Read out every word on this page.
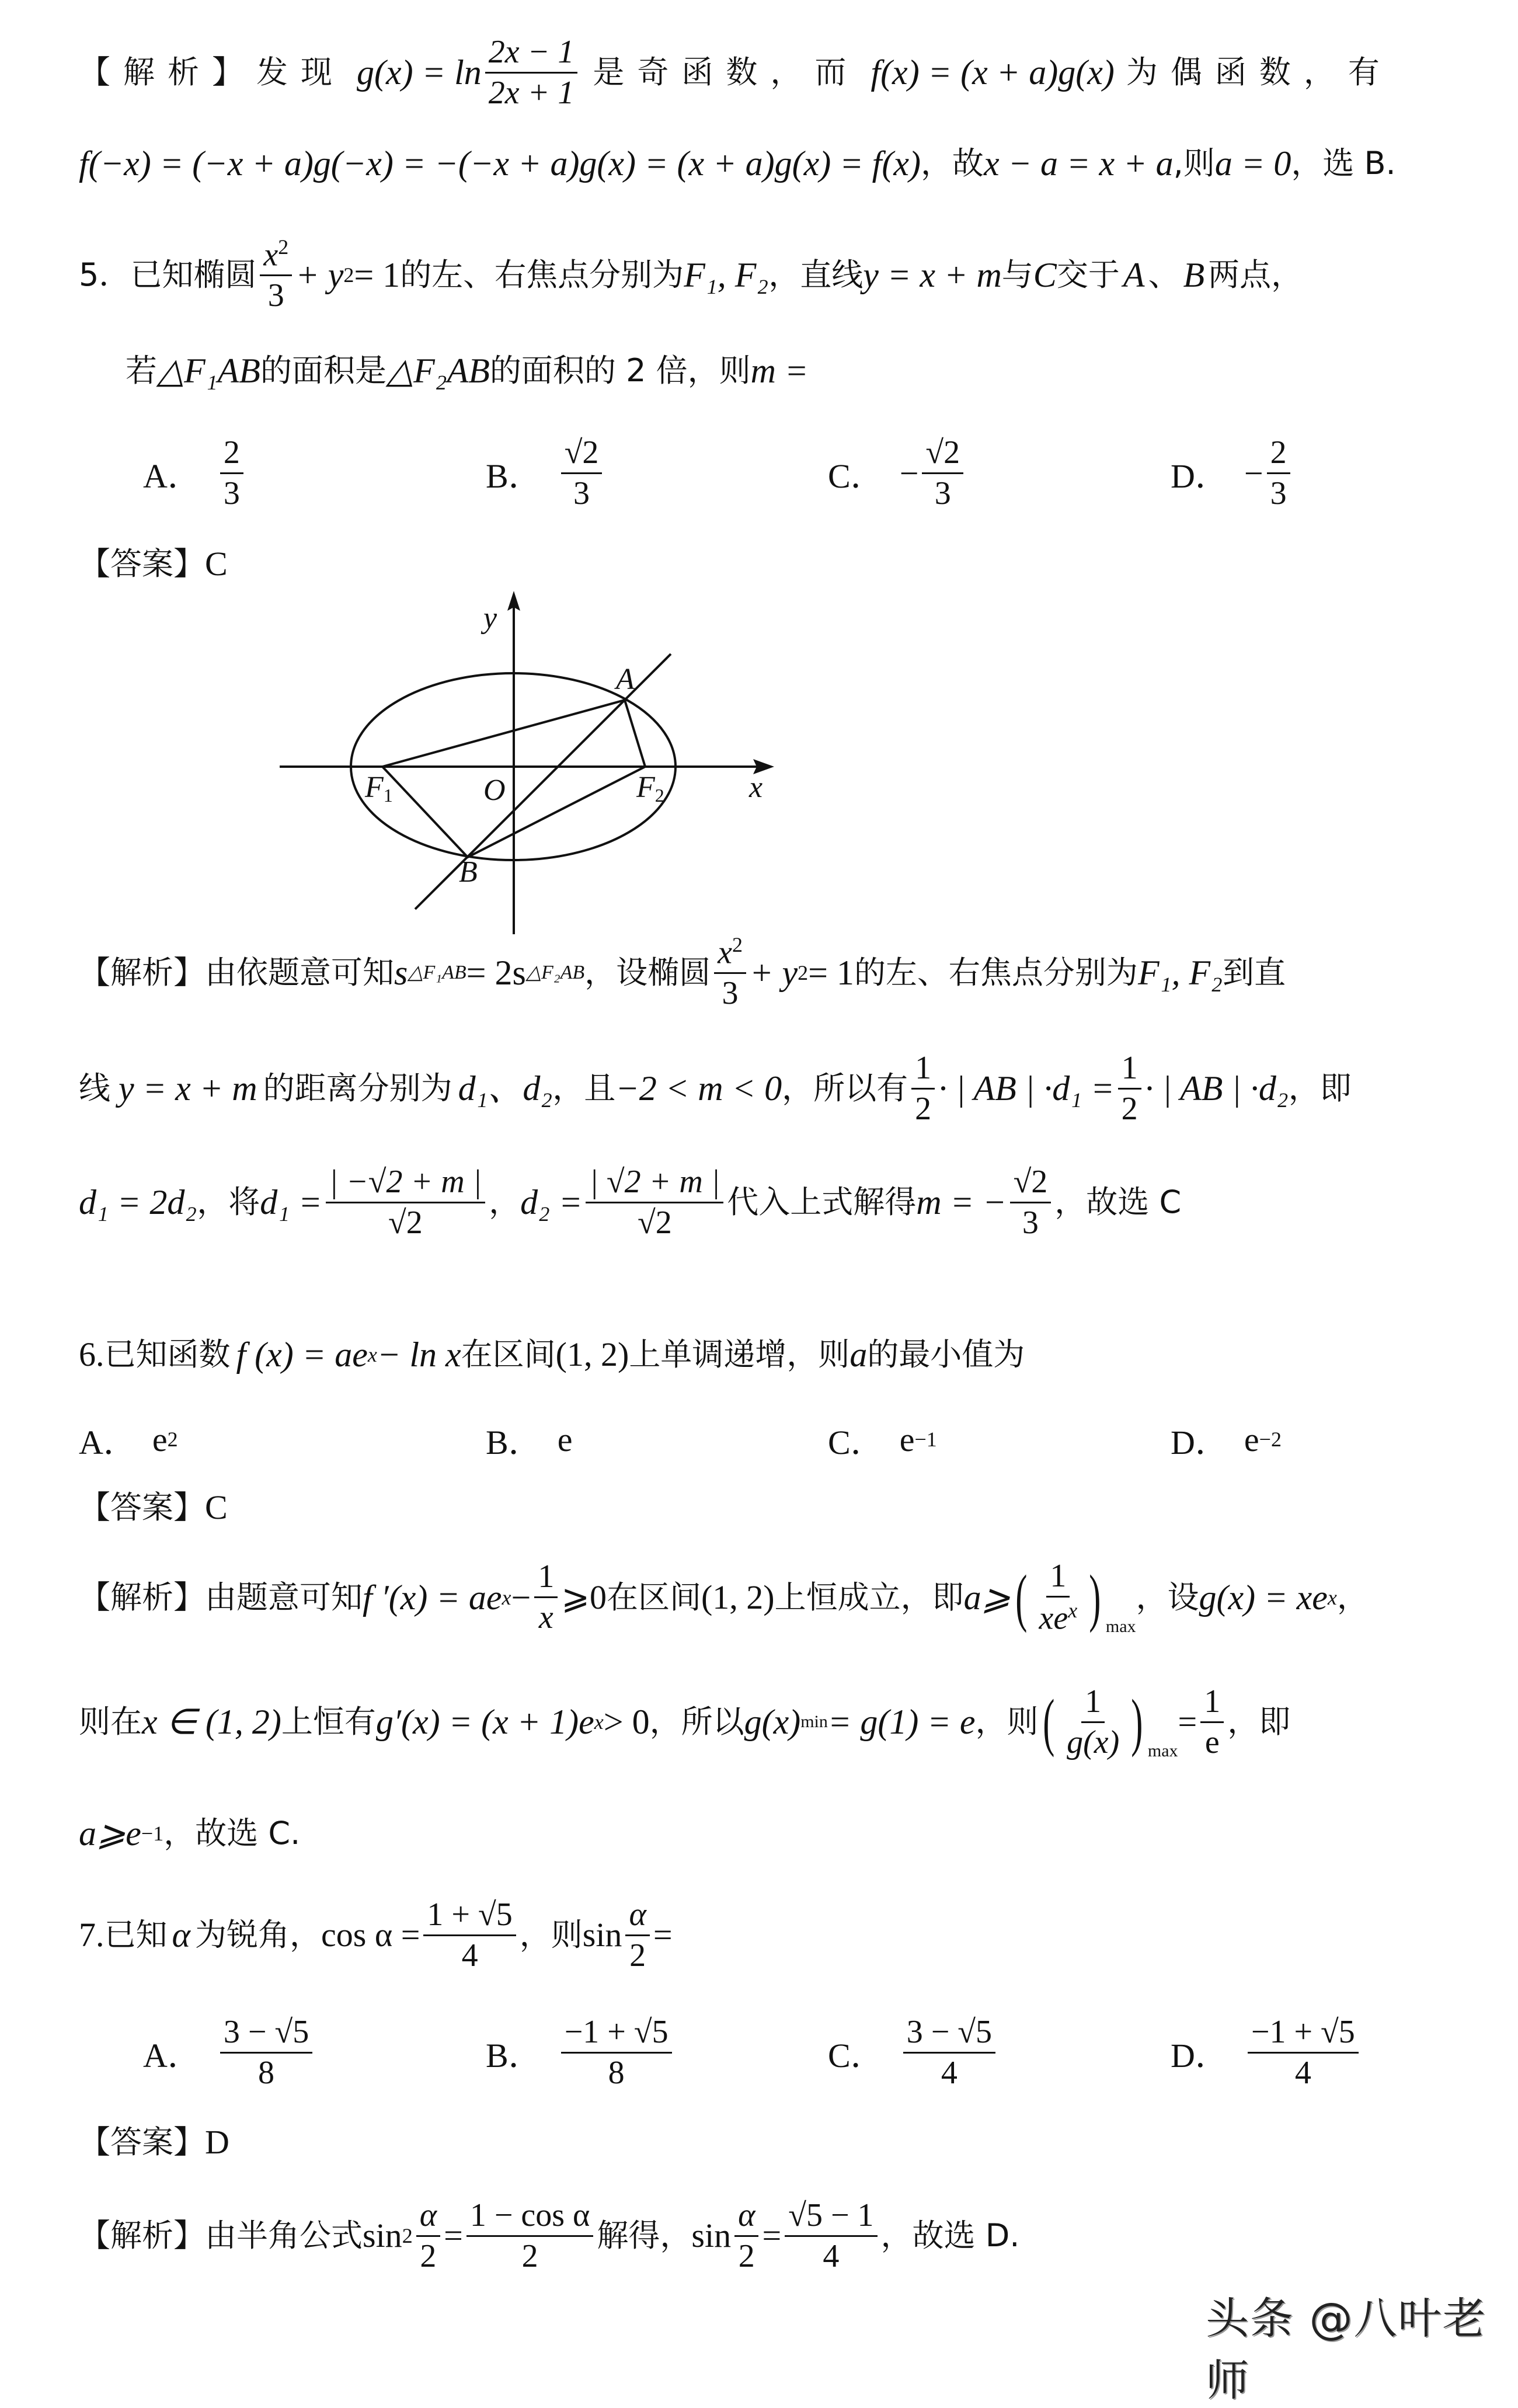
【解析】 发现 $g(x) = \ln \frac{2x - 1}{2x + 1}$ 是奇函数，而 f(x) = (x + a)g(x) 为偶函数，有
f(−x) = (−x + a)g(−x) = −(−x + a)g(x) = (x + a)g(x) = f(x) ，故 x − a = x + a ,则 a = 0 ，选 B.
5． 已知椭圆 $\frac{x^2}{3} + y$ 2 = 1 的左、右焦点分别为 F₁, F₂ ，直线 y = x + m 与 C 交于 A 、 B 两点，
若 △F₁AB 的面积是 △F₂AB 的面积的 2 倍，则 m =
A． $\frac{2}{3}$	B． $\frac{√2}{3}$	C． − $\frac{√2}{3}$	D． − $\frac{2}{3}$
【答案】 C
y
x
O
A
B
F1	F2
【解析】 由依题意可知 s △F₁AB = 2s △F₂AB ，设椭圆 $\frac{x^2}{3} + y$ 2 = 1 的左、右焦点分别为 F₁, F₂ 到直
线 y = x + m 的距离分别为 d₁、d₂ ，且 −2 < m < 0 ，所以有 $\frac{1}{2}$ · | AB | $\cdot d_1 = \frac{1}{2}$ · | AB | ·d₂ ，即
d₁ = 2d₂ ，将 $d_1 = \frac{| -√2 + m |}{√2}$ ， $d_2 = \frac{| √2 + m |}{√2}$ 代入上式解得 m = − $\frac{√2}{3}$ ，故选 C
6. 已知函数 f (x) = ae x − ln x 在区间 (1, 2) 上单调递增，则 a 的最小值为
A． e 2	B． e	C． e −1	D． e −2
【答案】 C
【解析】 由题意可知 f ′(x) = ae $x - \frac{1}{x}$ ⩾0 在区间 (1, 2) 上恒成立，即 a⩾ ( $\frac{1}{xe^x}$ ) max
，设 g(x) = xe x ，
则在 x ∈ (1, 2) 上恒有 g′(x) = (x + 1)e x > 0 ，所以 g(x) min = g(1) = e ，则 ( $\frac{1}{g(x)}$ ) max
= $\frac{1}{e}$ ，即
a⩾e −1 ，故选 C.
7. 已知 α 为锐角， $\cos \alpha = \frac{1 + √5}{4}$ ，则 $\sin \frac{\alpha}{2}$ =
A． $\frac{3 - √5}{8}$	B． $\frac{-1 + √5}{8}$	C． $\frac{3 - √5}{4}$	D． $\frac{-1 + √5}{4}$
【答案】 D
【解析】 由半角公式 $\sin 2 \frac{\alpha}{2} = \frac{\text{1 − cos α}}{2}$ 解得， $\sin \frac{\alpha}{2} = \frac{√5 - 1}{4}$ ，故选 D.
头条 @八叶老师
